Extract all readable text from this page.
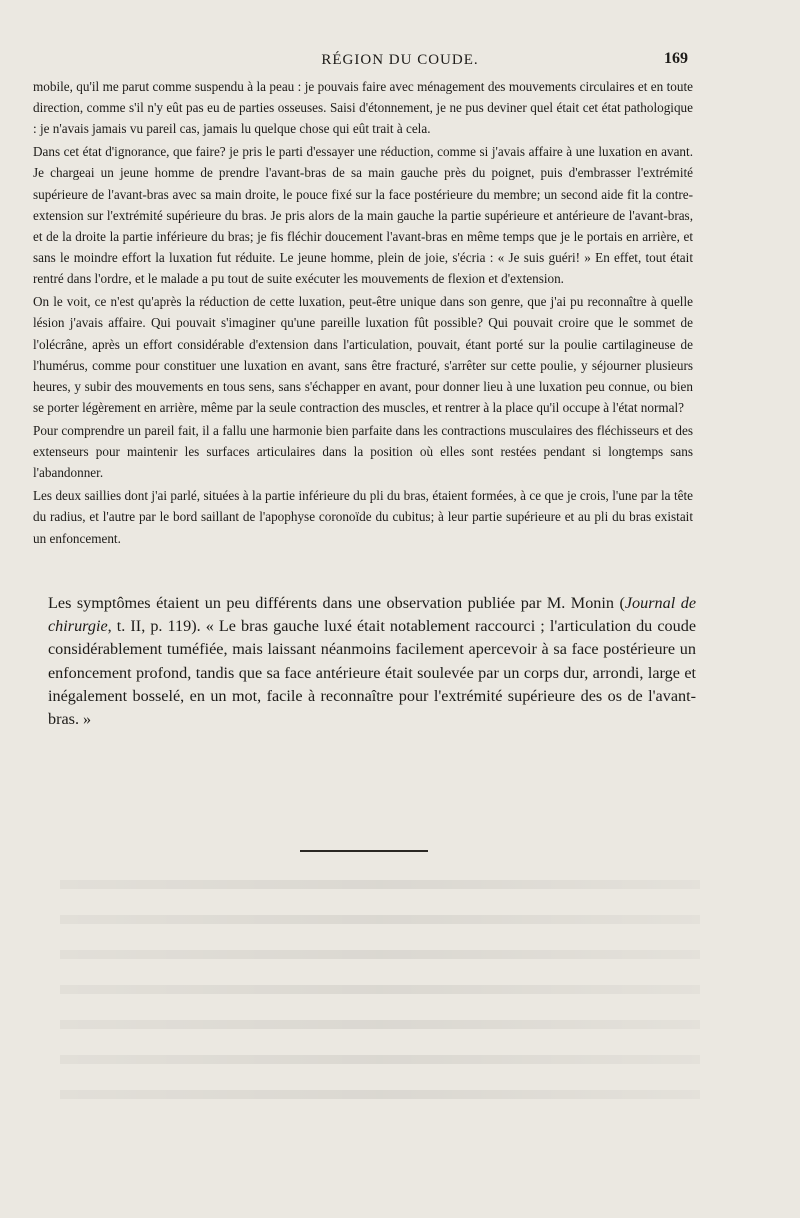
RÉGION DU COUDE.	169

mobile, qu'il me parut comme suspendu à la peau : je pouvais faire avec ménagement des mouvements circulaires et en toute direction, comme s'il n'y eût pas eu de parties osseuses. Saisi d'étonnement, je ne pus deviner quel était cet état pathologique : je n'avais jamais vu pareil cas, jamais lu quelque chose qui eût trait à cela.

Dans cet état d'ignorance, que faire? je pris le parti d'essayer une réduction, comme si j'avais affaire à une luxation en avant. Je chargeai un jeune homme de prendre l'avant-bras de sa main gauche près du poignet, puis d'embrasser l'extrémité supérieure de l'avant-bras avec sa main droite, le pouce fixé sur la face postérieure du membre; un second aide fit la contre-extension sur l'extrémité supérieure du bras. Je pris alors de la main gauche la partie supérieure et antérieure de l'avant-bras, et de la droite la partie inférieure du bras; je fis fléchir doucement l'avant-bras en même temps que je le portais en arrière, et sans le moindre effort la luxation fut réduite. Le jeune homme, plein de joie, s'écria : « Je suis guéri! » En effet, tout était rentré dans l'ordre, et le malade a pu tout de suite exécuter les mouvements de flexion et d'extension.

On le voit, ce n'est qu'après la réduction de cette luxation, peut-être unique dans son genre, que j'ai pu reconnaître à quelle lésion j'avais affaire. Qui pouvait s'imaginer qu'une pareille luxation fût possible? Qui pouvait croire que le sommet de l'olécrâne, après un effort considérable d'extension dans l'articulation, pouvait, étant porté sur la poulie cartilagineuse de l'humérus, comme pour constituer une luxation en avant, sans être fracturé, s'arrêter sur cette poulie, y séjourner plusieurs heures, y subir des mouvements en tous sens, sans s'échapper en avant, pour donner lieu à une luxation peu connue, ou bien se porter légèrement en arrière, même par la seule contraction des muscles, et rentrer à la place qu'il occupe à l'état normal?

Pour comprendre un pareil fait, il a fallu une harmonie bien parfaite dans les contractions musculaires des fléchisseurs et des extenseurs pour maintenir les surfaces articulaires dans la position où elles sont restées pendant si longtemps sans l'abandonner.

Les deux saillies dont j'ai parlé, situées à la partie inférieure du pli du bras, étaient formées, à ce que je crois, l'une par la tête du radius, et l'autre par le bord saillant de l'apophyse coronoïde du cubitus; à leur partie supérieure et au pli du bras existait un enfoncement.

Les symptômes étaient un peu différents dans une observation publiée par M. Monin (Journal de chirurgie, t. II, p. 119). « Le bras gauche luxé était notablement raccourci ; l'articulation du coude considérablement tuméfiée, mais laissant néanmoins facilement apercevoir à sa face postérieure un enfoncement profond, tandis que sa face antérieure était soulevée par un corps dur, arrondi, large et inégalement bosselé, en un mot, facile à reconnaître pour l'extrémité supérieure des os de l'avant-bras. »
